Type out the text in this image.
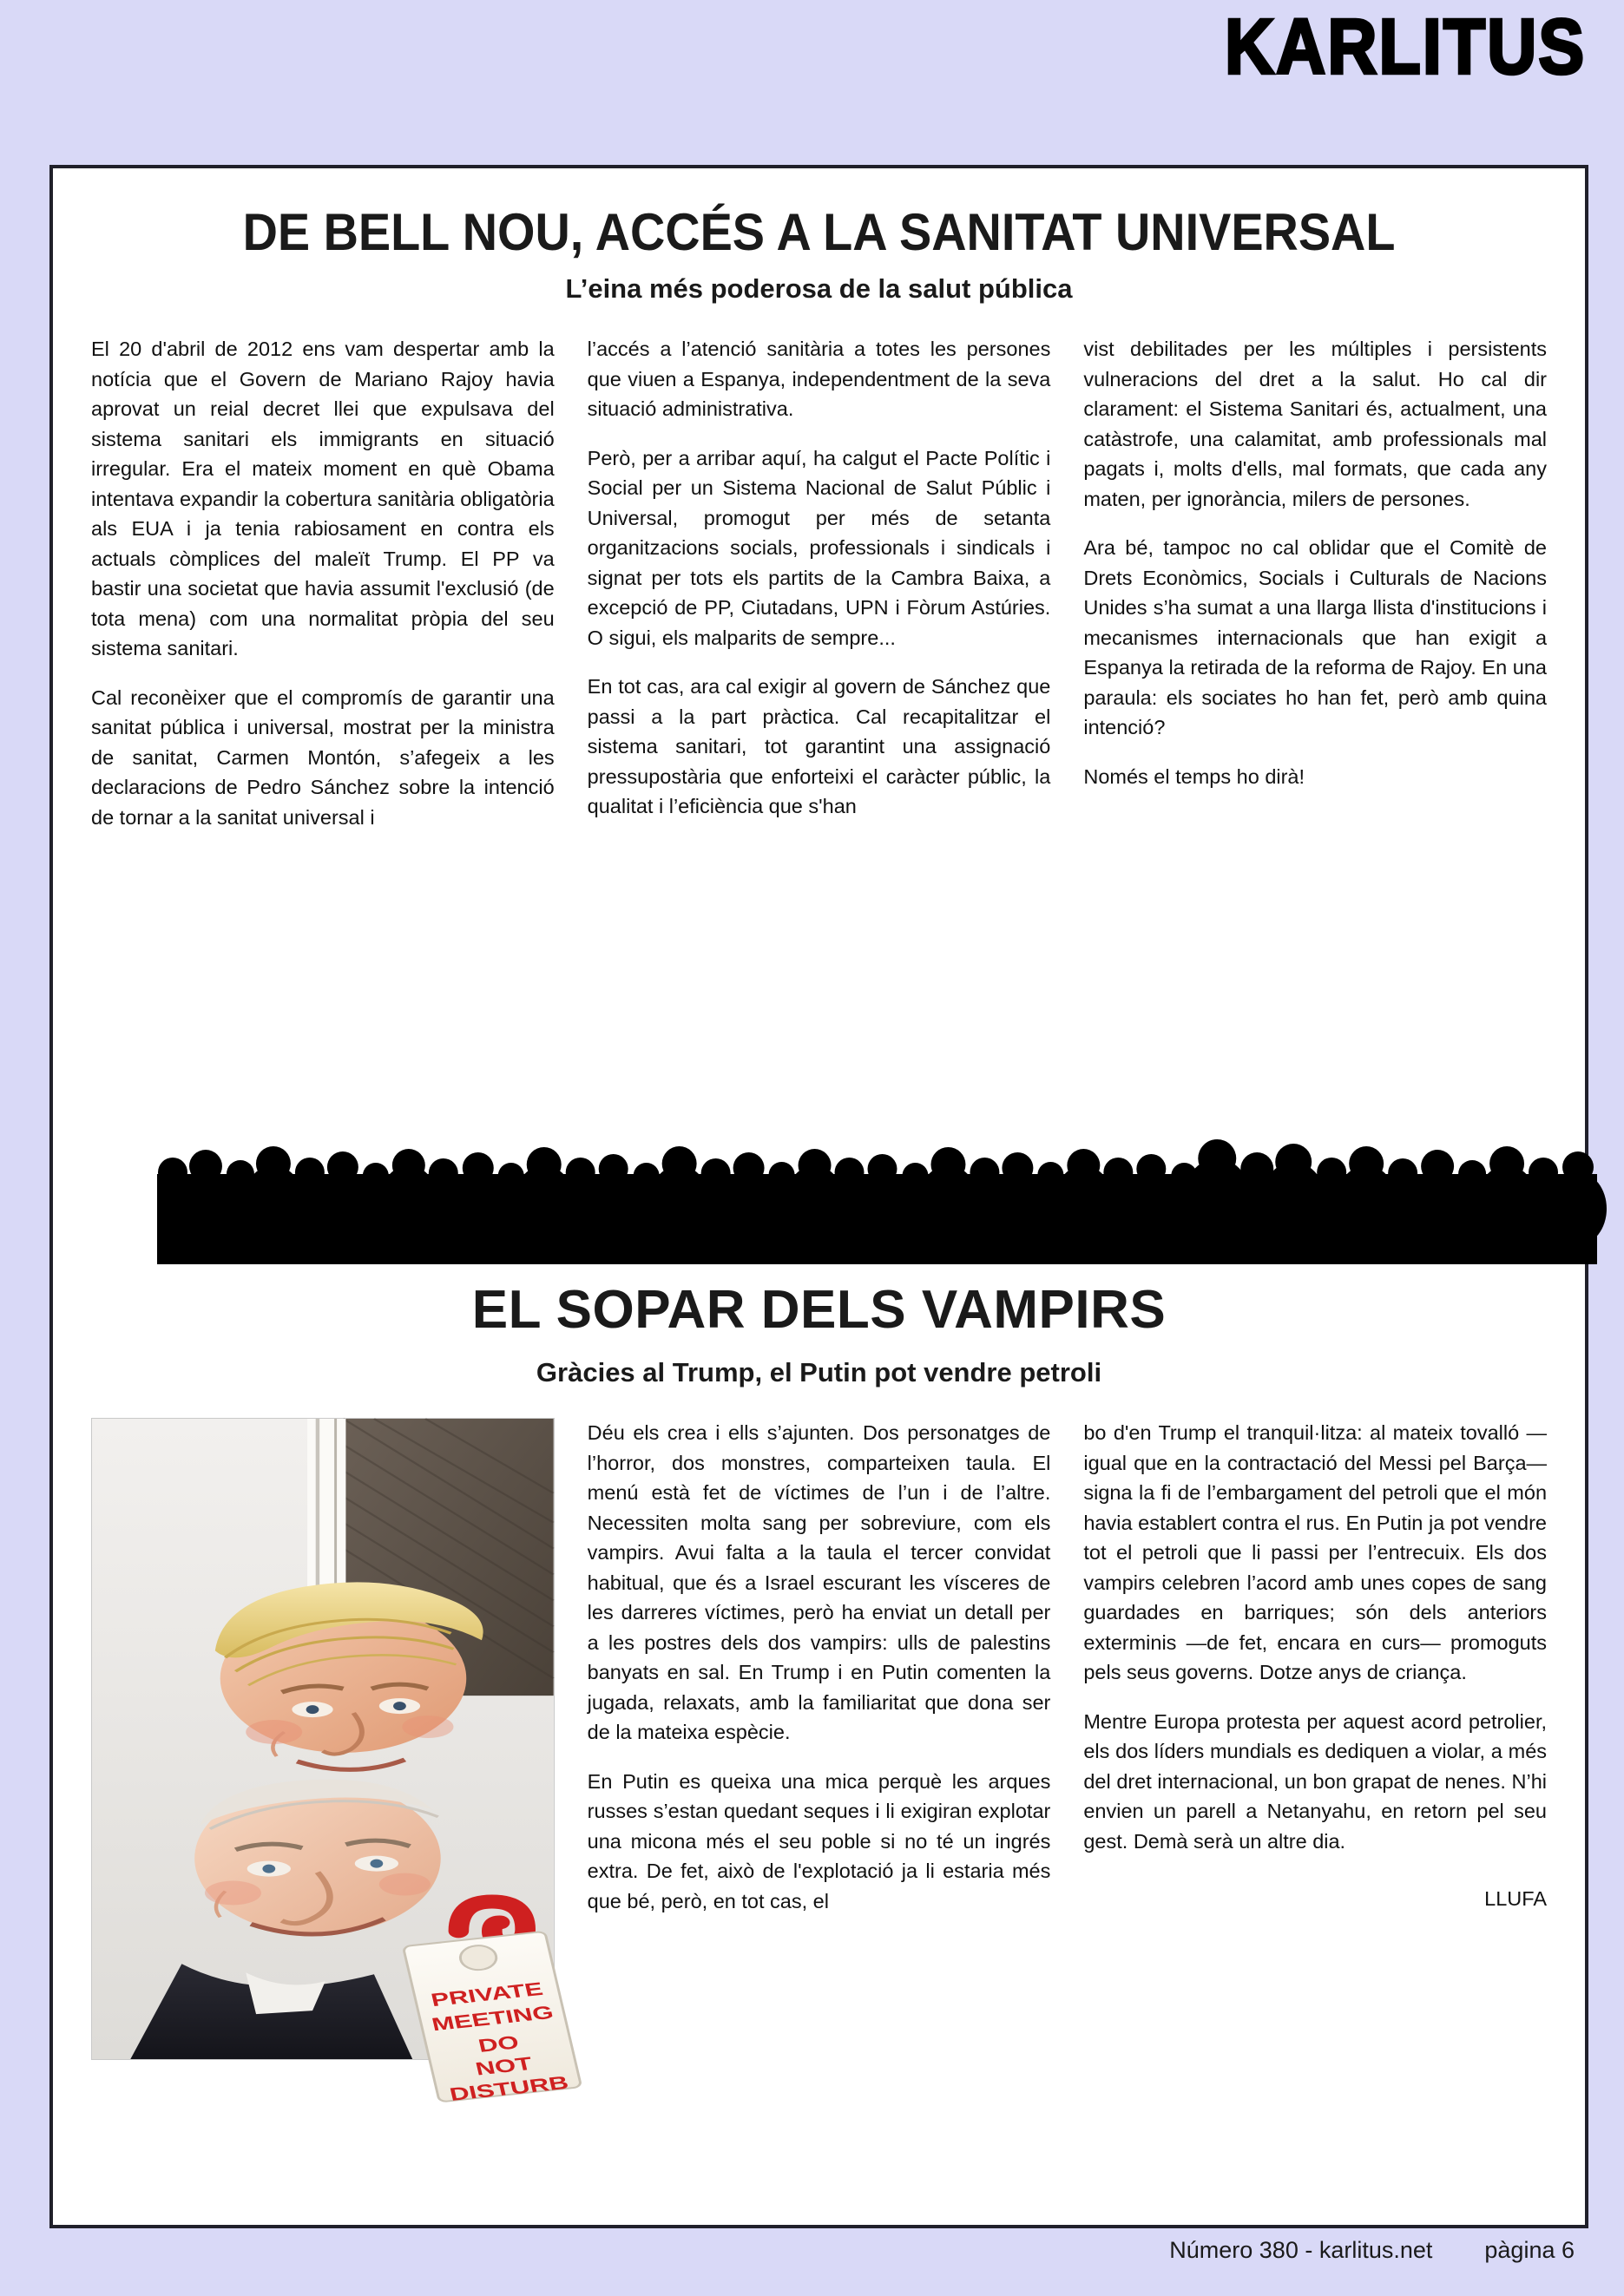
KARLITUS
DE BELL NOU, ACCÉS A LA SANITAT UNIVERSAL
L’eina més poderosa de la salut pública

El 20 d'abril de 2012 ens vam despertar amb la notícia que el Govern de Mariano Rajoy havia aprovat un reial decret llei que expulsava del sistema sanitari els immigrants en situació irregular. Era el mateix moment en què Obama intentava expandir la cobertura sanitària obligatòria als EUA i ja tenia rabiosament en contra els actuals còmplices del maleït Trump. El PP va bastir una societat que havia assumit l'exclusió (de tota mena) com una normalitat pròpia del seu sistema sanitari.

Cal reconèixer que el compromís de garantir una sanitat pública i universal, mostrat per la ministra de sanitat, Carmen Montón, s’afegeix a les declaracions de Pedro Sánchez sobre la intenció de tornar a la sanitat universal i

l’accés a l’atenció sanitària a totes les persones que viuen a Espanya, independentment de la seva situació administrativa.

Però, per a arribar aquí, ha calgut el Pacte Polític i Social per un Sistema Nacional de Salut Públic i Universal, promogut per més de setanta organitzacions socials, professionals i sindicals i signat per tots els partits de la Cambra Baixa, a excepció de PP, Ciutadans, UPN i Fòrum Astúries. O sigui, els malparits de sempre...

En tot cas, ara cal exigir al govern de Sánchez que passi a la part pràctica. Cal recapitalitzar el sistema sanitari, tot garantint una assignació pressupostària que enforteixi el caràcter públic, la qualitat i l’eficiència que s'han

vist debilitades per les múltiples i persistents vulneracions del dret a la salut. Ho cal dir clarament: el Sistema Sanitari és, actualment, una catàstrofe, una calamitat, amb professionals mal pagats i, molts d'ells, mal formats, que cada any maten, per ignorància, milers de persones.

Ara bé, tampoc no cal oblidar que el Comitè de Drets Econòmics, Socials i Culturals de Nacions Unides s’ha sumat a una llarga llista d'institucions i mecanismes internacionals que han exigit a Espanya la retirada de la reforma de Rajoy. En una paraula: els sociates ho han fet, però amb quina intenció?

Només el temps ho dirà!

EL SOPAR DELS VAMPIRS
Gràcies al Trump, el Putin pot vendre petroli
PRIVATE
MEETING
DO
NOT
DISTURB

Déu els crea i ells s’ajunten. Dos personatges de l’horror, dos monstres, comparteixen taula. El menú està fet de víctimes de l’un i de l’altre. Necessiten molta sang per sobreviure, com els vampirs. Avui falta a la taula el tercer convidat habitual, que és a Israel escurant les vísceres de les darreres víctimes, però ha enviat un detall per a les postres dels dos vampirs: ulls de palestins banyats en sal. En Trump i en Putin comenten la jugada, relaxats, amb la familiaritat que dona ser de la mateixa espècie.

En Putin es queixa una mica perquè les arques russes s’estan quedant seques i li exigiran explotar una micona més el seu poble si no té un ingrés extra. De fet, això de l'explotació ja li estaria més que bé, però, en tot cas, el

bo d'en Trump el tranquil·litza: al mateix tovalló —igual que en la contractació del Messi pel Barça— signa la fi de l’embargament del petroli que el món havia establert contra el rus. En Putin ja pot vendre tot el petroli que li passi per l’entrecuix. Els dos vampirs celebren l’acord amb unes copes de sang guardades en barriques; són dels anteriors exterminis —de fet, encara en curs— promoguts pels seus governs. Dotze anys de criança.

Mentre Europa protesta per aquest acord petrolier, els dos líders mundials es dediquen a violar, a més del dret internacional, un bon grapat de nenes. N’hi envien un parell a Netanyahu, en retorn pel seu gest. Demà serà un altre dia.

LLUFA
Número 380 - karlitus.net pàgina 6
